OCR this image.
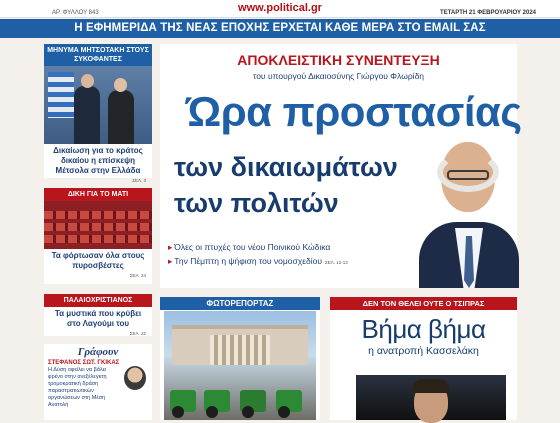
ΑΡ. ΦΥΛΛΟΥ 843	www.political.gr	ΤΕΤΑΡΤΗ 21 ΦΕΒΡΟΥΑΡΙΟΥ 2024
Η ΕΦΗΜΕΡΙΔΑ ΤΗΣ ΝΕΑΣ ΕΠΟΧΗΣ ΕΡΧΕΤΑΙ ΚΑΘΕ ΜΕΡΑ ΣΤΟ EMAIL ΣΑΣ
ΜΗΝΥΜΑ ΜΗΤΣΟΤΑΚΗ ΣΤΟΥΣ ΣΥΚΟΦΑΝΤΕΣ
Δικαίωση για το κράτος δικαίου η επίσκεψη Μέτσολα στην Ελλάδα
ΣΕΛ. 3
ΔΙΚΗ ΓΙΑ ΤΟ ΜΑΤΙ
Τα φόρτωσαν όλα στους πυροσβέστες
ΣΕΛ. 24
ΠΑΛΑΙΟΧΡΙΣΤΙΑΝΟΣ
Τα μυστικά που κρύβει στο Λαγούμι του
ΣΕΛ. 22
Γράφουν
ΣΤΕΦΑΝΟΣ ΣΩΤ. ΓΚΙΚΑΣ
Η Δύση οφείλει να βάλει φρένο στην ανεξέλεγκτη τρομοκρατική δράση παραστρατιωτικών οργανώσεων στη Μέση Ανατολή
ΑΠΟΚΛΕΙΣΤΙΚΗ ΣΥΝΕΝΤΕΥΞΗ
του υπουργού Δικαιοσύνης Γιώργου Φλωρίδη
Ώρα προστασίας
των δικαιωμάτων
των πολιτών
▸ Όλες οι πτυχές του νέου Ποινικού Κώδικα
▸ Την Πέμπτη η ψήφιση του νομοσχεδίου ΣΕΛ. 12-13
ΦΩΤΟΡΕΠΟΡΤΑΖ	ΔΕΝ ΤΟΝ ΘΕΛΕΙ ΟΥΤΕ Ο ΤΣΙΠΡΑΣ
Βήμα βήμα
η ανατροπή Κασσελάκη
